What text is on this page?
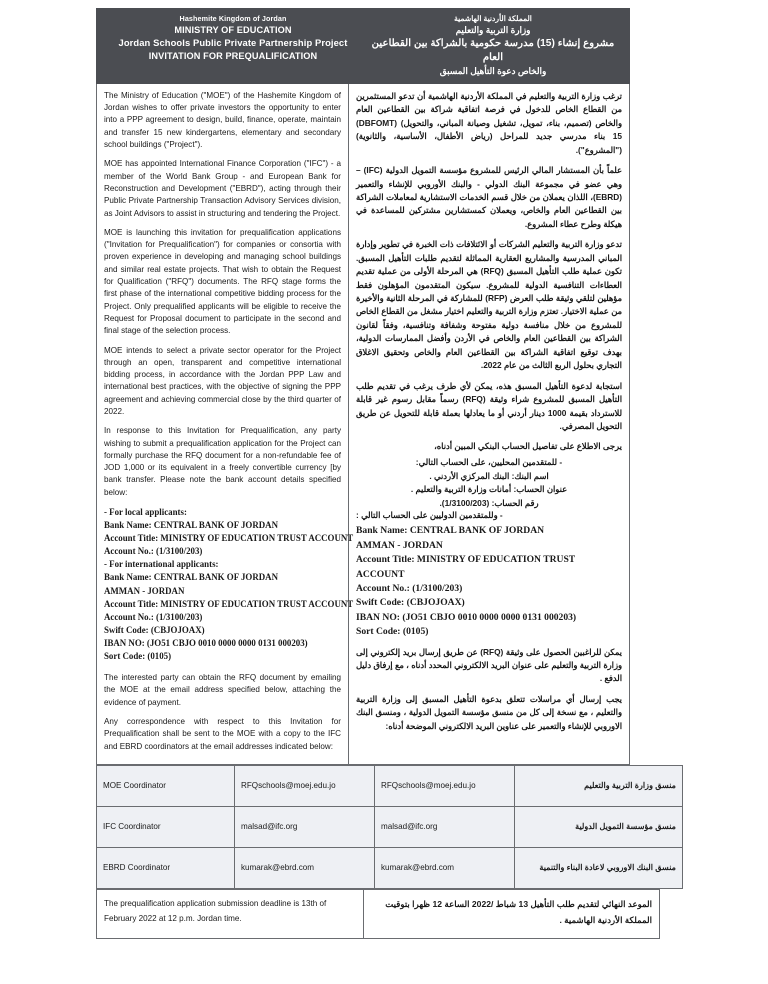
Hashemite Kingdom of Jordan
MINISTRY OF EDUCATION
Jordan Schools Public Private Partnership Project
INVITATION FOR PREQUALIFICATION
المملكة الأردنية الهاشمية
وزارة التربية والتعليم
مشروع إنشاء (15) مدرسة حكومية بالشراكة بين القطاعين العام
والخاص دعوة التأهيل المسبق

The Ministry of Education ("MOE") of the Hashemite Kingdom of Jordan wishes to offer private investors the opportunity to enter into a PPP agreement to design, build, finance, operate, maintain and transfer 15 new kindergartens, elementary and secondary school buildings ("Project").

MOE has appointed International Finance Corporation ("IFC") - a member of the World Bank Group - and European Bank for Reconstruction and Development ("EBRD"), acting through their Public Private Partnership Transaction Advisory Services division, as Joint Advisors to assist in structuring and tendering the Project.

MOE is launching this invitation for prequalification applications ("Invitation for Prequalification") for companies or consortia with proven experience in developing and managing school buildings and similar real estate projects. That wish to obtain the Request for Qualification ("RFQ") documents. The RFQ stage forms the first phase of the international competitive bidding process for the Project. Only prequalified applicants will be eligible to receive the Request for Proposal document to participate in the second and final stage of the selection process.

MOE intends to select a private sector operator for the Project through an open, transparent and competitive international bidding process, in accordance with the Jordan PPP Law and international best practices, with the objective of signing the PPP agreement and achieving commercial close by the third quarter of 2022.

In response to this Invitation for Prequalification, any party wishing to submit a prequalification application for the Project can formally purchase the RFQ document for a non-refundable fee of JOD 1,000 or its equivalent in a freely convertible currency [by bank transfer. Please note the bank account details specified below:

- For local applicants:
Bank Name: CENTRAL BANK OF JORDAN
Account Title: MINISTRY OF EDUCATION TRUST ACCOUNT
Account No.: (1/3100/203)
- For international applicants:
Bank Name: CENTRAL BANK OF JORDAN
AMMAN - JORDAN
Account Title: MINISTRY OF EDUCATION TRUST ACCOUNT
Account No.: (1/3100/203)
Swift Code: (CBJOJOAX)
IBAN NO: (JO51 CBJO 0010 0000 0000 0131 000203)
Sort Code: (0105)

The interested party can obtain the RFQ document by emailing the MOE at the email address specified below, attaching the evidence of payment.

Any correspondence with respect to this Invitation for Prequalification shall be sent to the MOE with a copy to the IFC and EBRD coordinators at the email addresses indicated below:

ترغب وزارة التربية والتعليم في المملكة الأردنية الهاشمية أن تدعو المستثمرين من القطاع الخاص للدخول في فرصة اتفاقية شراكة بين القطاعين العام والخاص (تصميم، بناء، تمويل، تشغيل وصيانة المباني، والتحويل) (DBFOMT) 15 بناء مدرسي جديد للمراحل (رياض الأطفال، الأساسية، والثانوية) ("المشروع").

علماً بأن المستشار المالي الرئيس للمشروع مؤسسة التمويل الدولية (IFC) – وهي عضو في مجموعة البنك الدولي - والبنك الأوروبي للإنشاء والتعمير (EBRD)، اللذان يعملان من خلال قسم الخدمات الاستشارية لمعاملات الشراكة بين القطاعين العام والخاص، ويعملان كمستشارين مشتركين للمساعدة في هيكلة وطرح عطاء المشروع.

تدعو وزارة التربية والتعليم الشركات أو الائتلافات ذات الخبرة في تطوير وإدارة المباني المدرسية والمشاريع العقارية المماثلة لتقديم طلبات التأهيل المسبق. تكون عملية طلب التأهيل المسبق (RFQ) هي المرحلة الأولى من عملية تقديم العطاءات التنافسية الدولية للمشروع. سيكون المتقدمون المؤهلون فقط مؤهلين لتلقي وثيقة طلب العرض (RFP) للمشاركة في المرحلة الثانية والأخيرة من عملية الاختيار. تعتزم وزارة التربية والتعليم اختيار مشغل من القطاع الخاص للمشروع من خلال منافسة دولية مفتوحة وشفافة وتنافسية، وفقاً لقانون الشراكة بين القطاعين العام والخاص في الأردن وأفضل الممارسات الدولية، بهدف توقيع اتفاقية الشراكة بين القطاعين العام والخاص وتحقيق الاغلاق التجاري بحلول الربع الثالث من عام 2022.

استجابة لدعوة التأهيل المسبق هذه، يمكن لأي طرف يرغب في تقديم طلب التأهيل المسبق للمشروع شراء وثيقة (RFQ) رسماً مقابل رسوم غير قابلة للاسترداد بقيمة 1000 دينار أردني أو ما يعادلها بعملة قابلة للتحويل عن طريق التحويل المصرفي.

يرجى الاطلاع على تفاصيل الحساب البنكي المبين أدناه،

- للمتقدمين المحليين، على الحساب التالي:

اسم البنك: البنك المركزي الأردني .

عنوان الحساب: أمانات وزارة التربية والتعليم .

رقم الحساب: (1/3100/203).

- وللمتقدمين الدوليين على الحساب التالي :

Bank Name: CENTRAL BANK OF JORDAN
AMMAN - JORDAN
Account Title: MINISTRY OF EDUCATION TRUST ACCOUNT
Account No.: (1/3100/203)
Swift Code: (CBJOJOAX)
IBAN NO: (JO51 CBJO 0010 0000 0000 0131 000203)
Sort Code: (0105)

يمكن للراغبين الحصول على وثيقة (RFQ) عن طريق إرسال بريد إلكتروني إلى وزارة التربية والتعليم على عنوان البريد الالكتروني المحدد أدناه ، مع إرفاق دليل الدفع .

يجب إرسال أي مراسلات تتعلق بدعوة التأهيل المسبق إلى وزارة التربية والتعليم ، مع نسخة إلى كل من منسق مؤسسة التمويل الدولية ، ومنسق البنك الاوروبي للإنشاء والتعمير على عناوين البريد الالكتروني الموضحة أدناه:

MOE Coordinator	RFQschools@moej.edu.jo	RFQschools@moej.edu.jo	منسق وزارة التربية والتعليم
IFC Coordinator	malsad@ifc.org	malsad@ifc.org	منسق مؤسسة التمويل الدولية
EBRD Coordinator	kumarak@ebrd.com	kumarak@ebrd.com	منسق البنك الاوروبي لاعادة البناء والتنمية
The prequalification application submission deadline is 13th of February 2022 at 12 p.m. Jordan time.	الموعد النهائي لتقديم طلب التأهيل 13 شباط /2022 الساعة 12 ظهرا بتوقيت المملكة الأردنية الهاشمية .
